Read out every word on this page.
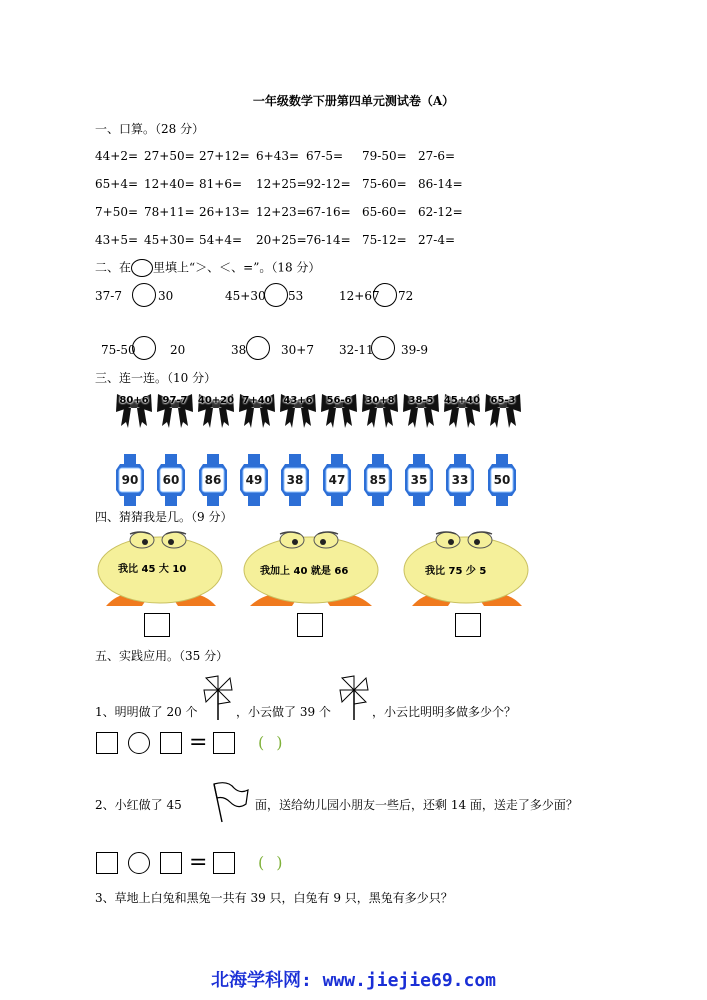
一年级数学下册第四单元测试卷（A）
一、口算。（28 分）
44+2= 27+50= 27+12= 6+43= 67-5= 79-50= 27-6=
65+4= 12+40= 81+6= 12+25= 92-12= 75-60= 86-14=
7+50= 78+11= 26+13= 12+23= 67-16= 65-60= 62-12=
43+5= 45+30= 54+4= 20+25= 76-14= 75-12= 27-4=
二、在 里填上“＞、＜、=”。（18 分）
37-7	30	45+30 53	12+67 72
75-50	20	38	30+7 32-11 39-9
三、连一连。（10 分）
80+6	97-7	40+20 7+40	43+6	56-6	30+8	38-5	45+40	65-3
90	60	86	49	38	47	85	35	33	50
四、猜猜我是几。（9 分）
我比 45 大 10	我加上 40 就是 66	我比 75 少 5
五、实践应用。（35 分）
1、明明做了 20 个	，小云做了 39 个	，小云比明明多做多少个？
=	()
2、小红做了 45	面，送给幼儿园小朋友一些后，还剩 14 面，送走了多少面？
=	()
3、草地上白兔和黑兔一共有 39 只，白兔有 9 只，黑兔有多少只？
北海学科网: www.jiejie69.com
